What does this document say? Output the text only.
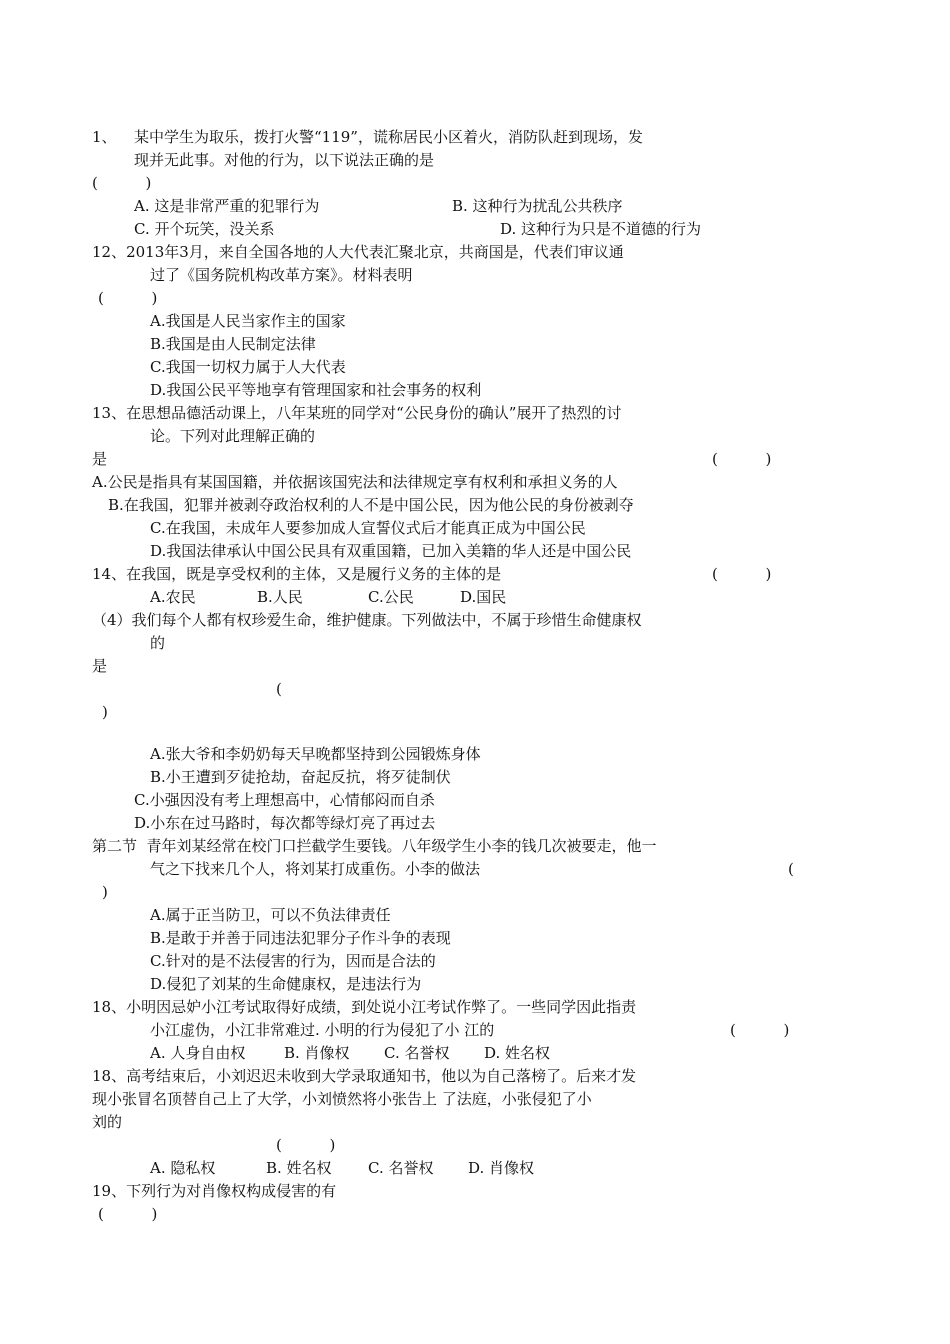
1、 某中学生为取乐，拨打火警“119”，谎称居民小区着火，消防队赶到现场，发

现并无此事。对他的行为，以下说法正确的是

(          )

A. 这是非常严重的犯罪行为	B. 这种行为扰乱公共秩序

C. 开个玩笑，没关系	D. 这种行为只是不道德的行为

12、2013年3月，来自全国各地的人大代表汇聚北京，共商国是，代表们审议通

过了《国务院机构改革方案》。材料表明

(          )

A.我国是人民当家作主的国家

B.我国是由人民制定法律

C.我国一切权力属于人大代表

D.我国公民平等地享有管理国家和社会事务的权利

13、在思想品德活动课上，八年某班的同学对“公民身份的确认”展开了热烈的讨

论。下列对此理解正确的

是	(          )

A.公民是指具有某国国籍，并依据该国宪法和法律规定享有权利和承担义务的人

B.在我国，犯罪并被剥夺政治权利的人不是中国公民，因为他公民的身份被剥夺

C.在我国，未成年人要参加成人宣誓仪式后才能真正成为中国公民

D.我国法律承认中国公民具有双重国籍，已加入美籍的华人还是中国公民

14、在我国，既是享受权利的主体，又是履行义务的主体的是	(          )

A.农民	B.人民	C.公民	D.国民

（4）我们每个人都有权珍爱生命，维护健康。下列做法中，不属于珍惜生命健康权

的

是

(

)

A.张大爷和李奶奶每天早晚都坚持到公园锻炼身体

B.小王遭到歹徒抢劫，奋起反抗，将歹徒制伏

C.小强因没有考上理想高中，心情郁闷而自杀

D.小东在过马路时，每次都等绿灯亮了再过去

第二节  青年刘某经常在校门口拦截学生要钱。八年级学生小李的钱几次被要走，他一

气之下找来几个人，将刘某打成重伤。小李的做法	(

)

A.属于正当防卫，可以不负法律责任

B.是敢于并善于同违法犯罪分子作斗争的表现

C.针对的是不法侵害的行为，因而是合法的

D.侵犯了刘某的生命健康权，是违法行为

18、小明因忌妒小江考试取得好成绩，到处说小江考试作弊了。一些同学因此指责

小江虚伪，小江非常难过. 小明的行为侵犯了小 江的	(          )

A. 人身自由权	B. 肖像权 C. 名誉权 D. 姓名权

18、高考结束后，小刘迟迟未收到大学录取通知书，他以为自己落榜了。后来才发

现小张冒名顶替自己上了大学，小刘愤然将小张告上 了法庭，小张侵犯了小

刘的

(          )

A. 隐私权	B. 姓名权 C. 名誉权 D. 肖像权

19、下列行为对肖像权构成侵害的有

(          )
